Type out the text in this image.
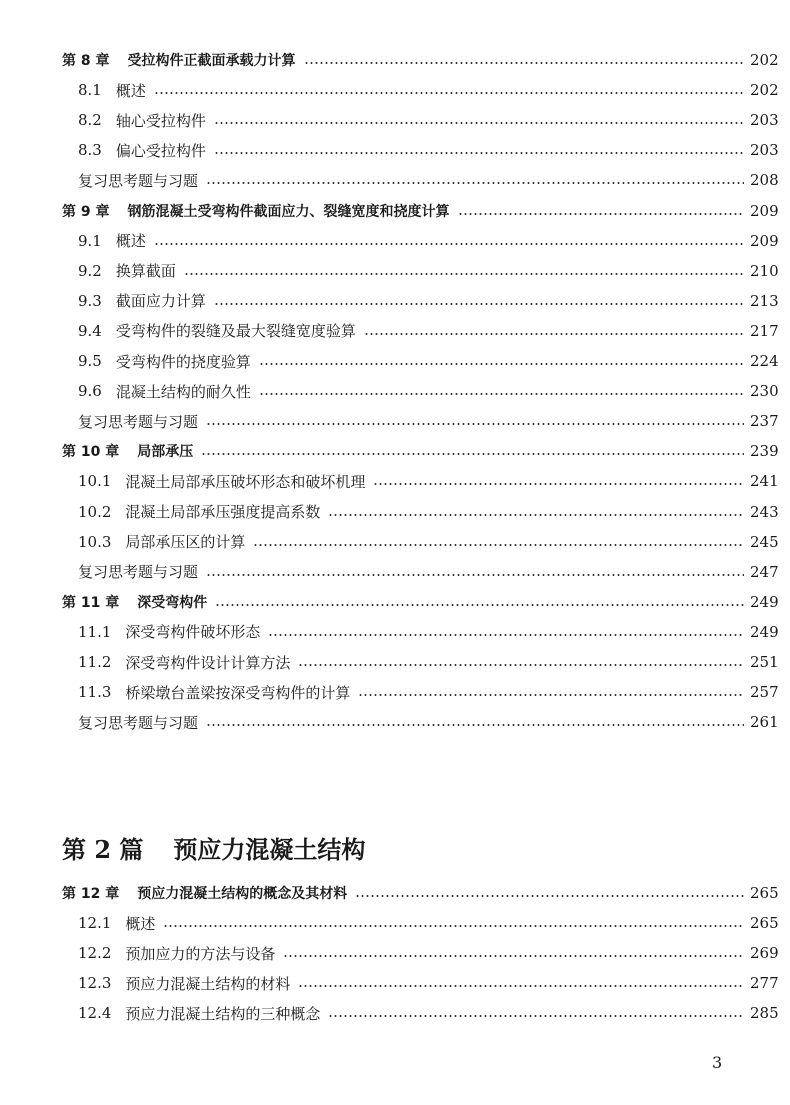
第 8 章 受拉构件正截面承载力计算	202
8.1 概述	202
8.2 轴心受拉构件	203
8.3 偏心受拉构件	203
复习思考题与习题	208
第 9 章 钢筋混凝土受弯构件截面应力、裂缝宽度和挠度计算	209
9.1 概述	209
9.2 换算截面	210
9.3 截面应力计算	213
9.4 受弯构件的裂缝及最大裂缝宽度验算	217
9.5 受弯构件的挠度验算	224
9.6 混凝土结构的耐久性	230
复习思考题与习题	237
第 10 章 局部承压	239
10.1 混凝土局部承压破坏形态和破坏机理	241
10.2 混凝土局部承压强度提高系数	243
10.3 局部承压区的计算	245
复习思考题与习题	247
第 11 章 深受弯构件	249
11.1 深受弯构件破坏形态	249
11.2 深受弯构件设计计算方法	251
11.3 桥梁墩台盖梁按深受弯构件的计算	257
复习思考题与习题	261
第 12 章 预应力混凝土结构的概念及其材料	265
12.1 概述	265
12.2 预加应力的方法与设备	269
12.3 预应力混凝土结构的材料	277
12.4 预应力混凝土结构的三种概念	285
第 2 篇 预应力混凝土结构
3
